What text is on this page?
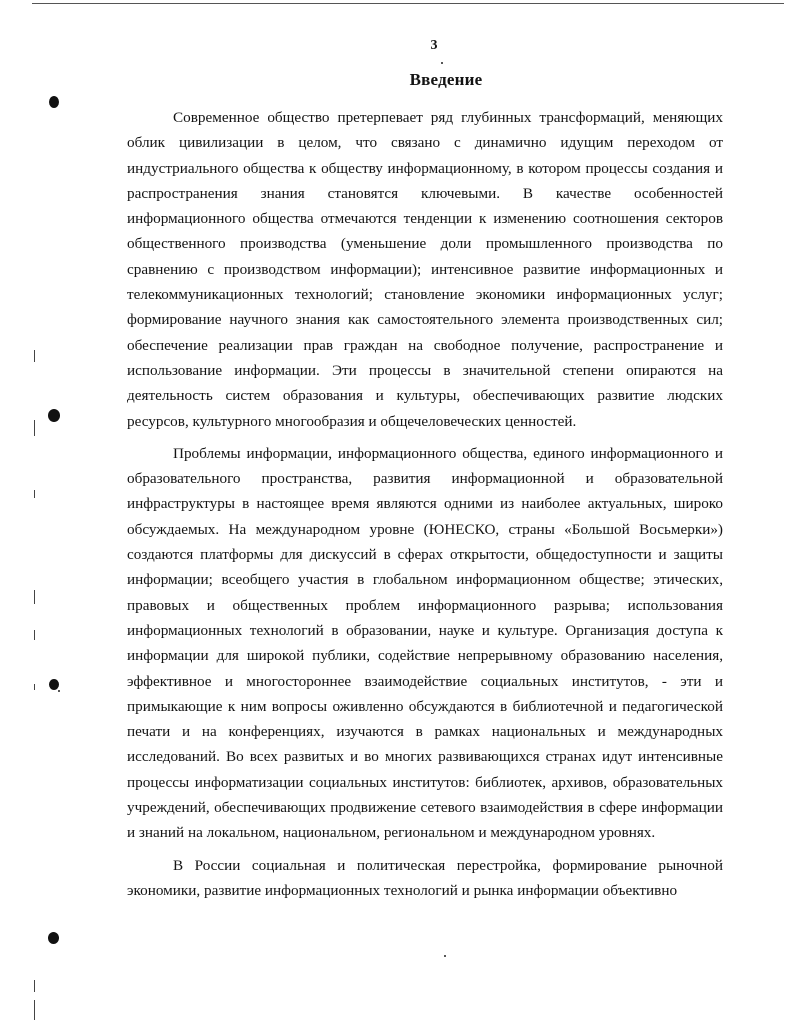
3
Введение

Современное общество претерпевает ряд глубинных трансформаций, меняющих облик цивилизации в целом, что связано с динамично идущим переходом от индустриального общества к обществу информационному, в котором процессы создания и распространения знания становятся ключевыми. В качестве особенностей информационного общества отмечаются тенденции к изменению соотношения секторов общественного производства (уменьшение доли промышленного производства по сравнению с производством информации); интенсивное развитие информационных и телекоммуникационных технологий; становление экономики информационных услуг; формирование научного знания как самостоятельного элемента производственных сил; обеспечение реализации прав граждан на свободное получение, распространение и использование информации. Эти процессы в значительной степени опираются на деятельность систем образования и культуры, обеспечивающих развитие людских ресурсов, культурного многообразия и общечеловеческих ценностей.

Проблемы информации, информационного общества, единого информационного и образовательного пространства, развития информационной и образовательной инфраструктуры в настоящее время являются одними из наиболее актуальных, широко обсуждаемых. На международном уровне (ЮНЕСКО, страны «Большой Восьмерки») создаются платформы для дискуссий в сферах открытости, общедоступности и защиты информации; всеобщего участия в глобальном информационном обществе; этических, правовых и общественных проблем информационного разрыва; использования информационных технологий в образовании, науке и культуре. Организация доступа к информации для широкой публики, содействие непрерывному образованию населения, эффективное и многостороннее взаимодействие социальных институтов, - эти и примыкающие к ним вопросы оживленно обсуждаются в библиотечной и педагогической печати и на конференциях, изучаются в рамках национальных и международных исследований. Во всех развитых и во многих развивающихся странах идут интенсивные процессы информатизации социальных институтов: библиотек, архивов, образовательных учреждений, обеспечивающих продвижение сетевого взаимодействия в сфере информации и знаний на локальном, национальном, региональном и международном уровнях.

В России социальная и политическая перестройка, формирование рыночной экономики, развитие информационных технологий и рынка информации объективно
